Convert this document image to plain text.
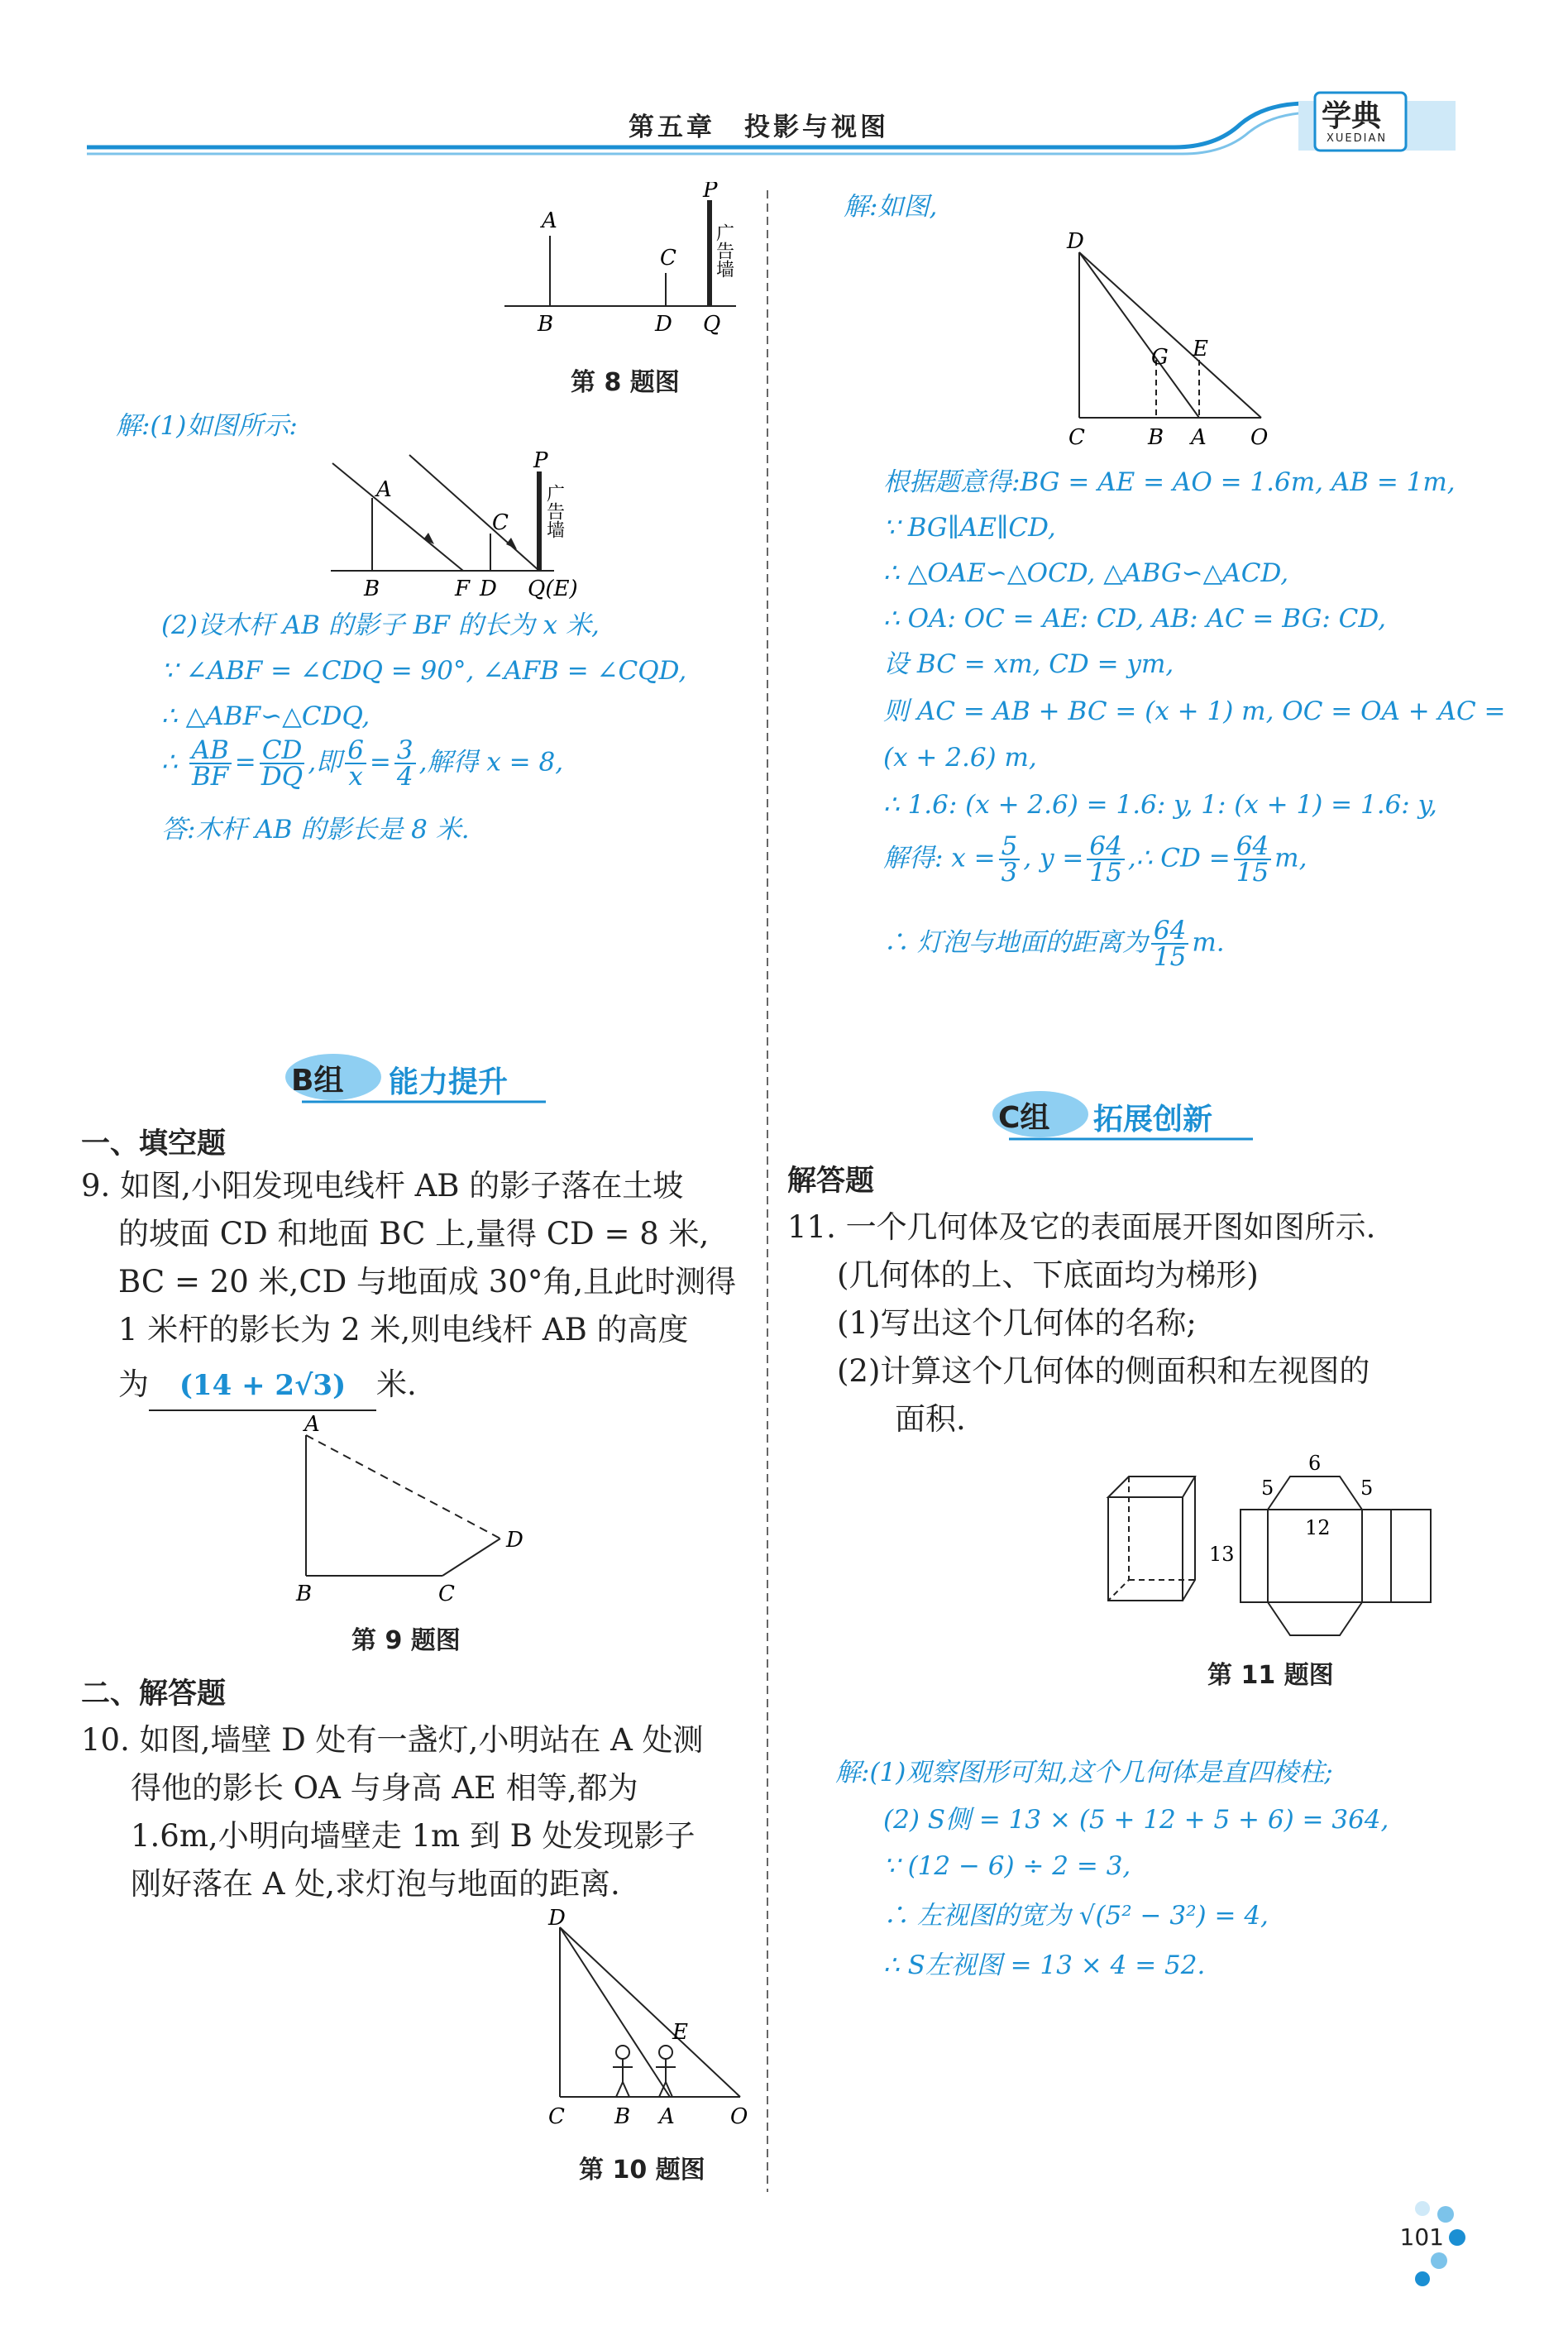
第五章　投影与视图	学典
XUEDIAN
A
B
C
D
P
Q
广告墙
第 8 题图
解:(1)如图所示:
A
B
C
F D
P
Q(E)
广告墙
(2)设木杆 AB 的影子 BF 的长为 x 米,
∵ ∠ABF = ∠CDQ = 90°, ∠AFB = ∠CQD,
∴ △ABF∽△CDQ,
∴ $\frac{AB}{BF} = \frac{CD}{DQ}$ ,即 $\frac{6}{x} = \frac{3}{4}$ ,解得 x = 8,
答:木杆 AB 的影长是 8 米.
解:如图,
D
G E
C	B A O
根据题意得:BG = AE = AO = 1.6m, AB = 1m,
∵ BG∥AE∥CD,
∴ △OAE∽△OCD, △ABG∽△ACD,
∴ OA: OC = AE: CD, AB: AC = BG: CD,
设 BC = xm, CD = ym,
则 AC = AB + BC = (x + 1) m, OC = OA + AC =
(x + 2.6) m,
∴ 1.6: (x + 2.6) = 1.6: y, 1: (x + 1) = 1.6: y,
解得: $x = \frac{5}{3}$ , $y = \frac{64}{15}$ ,∴ CD = $\frac{64}{15} m$,
∴ 灯泡与地面的距离为 $\frac{64}{15} m$.
B组 能力提升
一、填空题
9. 如图,小阳发现电线杆 AB 的影子落在土坡
的坡面 CD 和地面 BC 上,量得 CD = 8 米,
BC = 20 米,CD 与地面成 30°角,且此时测得
1 米杆的影长为 2 米,则电线杆 AB 的高度
为 (14 + 2√3) 米.
A
B	C
D
第 9 题图
二、解答题
10. 如图,墙壁 D 处有一盏灯,小明站在 A 处测
得他的影长 OA 与身高 AE 相等,都为
1.6m,小明向墙壁走 1m 到 B 处发现影子
刚好落在 A 处,求灯泡与地面的距离.
D
E
C B A	O
第 10 题图
C组 拓展创新
解答题
11. 一个几何体及它的表面展开图如图所示.
(几何体的上、下底面均为梯形)
(1)写出这个几何体的名称;
(2)计算这个几何体的侧面积和左视图的
面积.
6
5	5
12
13
第 11 题图
解:(1)观察图形可知,这个几何体是直四棱柱;
(2) S侧 = 13 × (5 + 12 + 5 + 6) = 364,
∵ (12 − 6) ÷ 2 = 3,
∴ 左视图的宽为 √(5² − 3²) = 4,
∴ S左视图 = 13 × 4 = 52.
101
